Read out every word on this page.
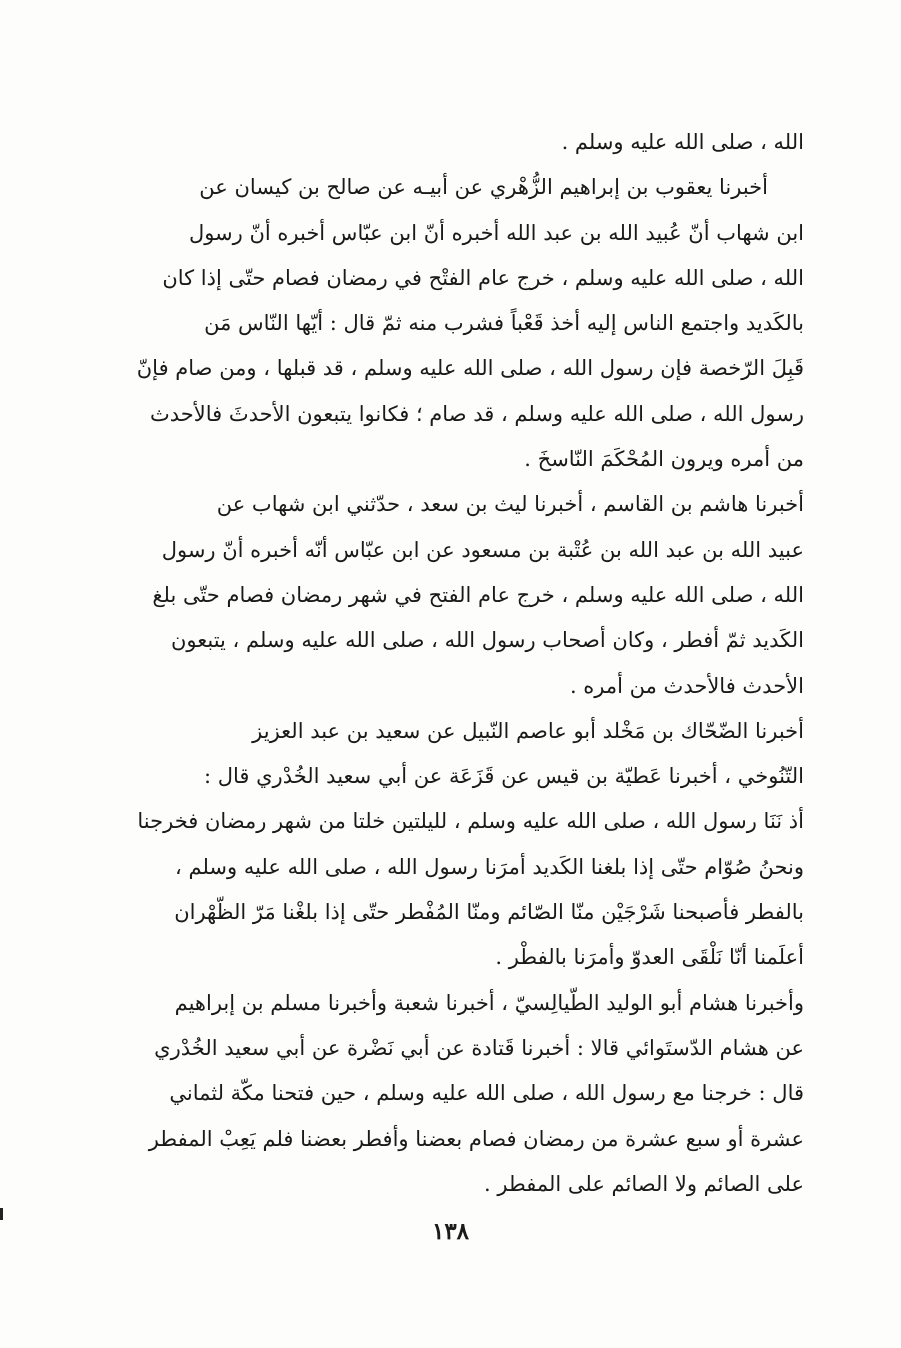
الله ، صلى الله عليه وسلم .
أخبرنا يعقوب بن إبراهيم الزُّهْري عن أبيـه عن صالح بن كيسان عن
ابن شهاب أنّ عُبيد الله بن عبد الله أخبره أنّ ابن عبّاس أخبره أنّ رسول
الله ، صلى الله عليه وسلم ، خرج عام الفتْح في رمضان فصام حتّى إذا كان
بالكَديد واجتمع الناس إليه أخذ قَعْباً فشرب منه ثمّ قال : أيّها النّاس مَن
قَبِلَ الرّخصة فإن رسول الله ، صلى الله عليه وسلم ، قد قبلها ، ومن صام فإنّ
رسول الله ، صلى الله عليه وسلم ، قد صام ؛ فكانوا يتبعون الأحدثَ فالأحدث
من أمره ويرون المُحْكَمَ النّاسخَ .
أخبرنا هاشم بن القاسم ، أخبرنا ليث بن سعد ، حدّثني ابن شهاب عن
عبيد الله بن عبد الله بن عُتْبة بن مسعود عن ابن عبّاس أنّه أخبره أنّ رسول
الله ، صلى الله عليه وسلم ، خرج عام الفتح في شهر رمضان فصام حتّى بلغ
الكَديد ثمّ أفطر ، وكان أصحاب رسول الله ، صلى الله عليه وسلم ، يتبعون
الأحدث فالأحدث من أمره .
أخبرنا الضّحّاك بن مَخْلد أبو عاصم النّبيل عن سعيد بن عبد العزيز
التّنُوخي ، أخبرنا عَطيّة بن قيس عن قَزَعَة عن أبي سعيد الخُدْري قال :
أذ نَنَا رسول الله ، صلى الله عليه وسلم ، لليلتين خلتا من شهر رمضان فخرجنا
ونحنُ صُوّام حتّى إذا بلغنا الكَديد أمرَنا رسول الله ، صلى الله عليه وسلم ،
بالفطر فأصبحنا شَرْجَيْن منّا الصّائم ومنّا المُفْطر حتّى إذا بلغْنا مَرّ الظّهْران
أعلَمنا أنّا نَلْقَى العدوّ وأمرَنا بالفطْر .
وأخبرنا هشام أبو الوليد الطّيالِسيّ ، أخبرنا شعبة وأخبرنا مسلم بن إبراهيم
عن هشام الدّستَوائي قالا : أخبرنا قَتادة عن أبي نَضْرة عن أبي سعيد الخُدْري
قال : خرجنا مع رسول الله ، صلى الله عليه وسلم ، حين فتحنا مكّة لثماني
عشرة أو سبع عشرة من رمضان فصام بعضنا وأفطر بعضنا فلم يَعِبْ المفطر
على الصائم ولا الصائم على المفطر .
١٣٨
